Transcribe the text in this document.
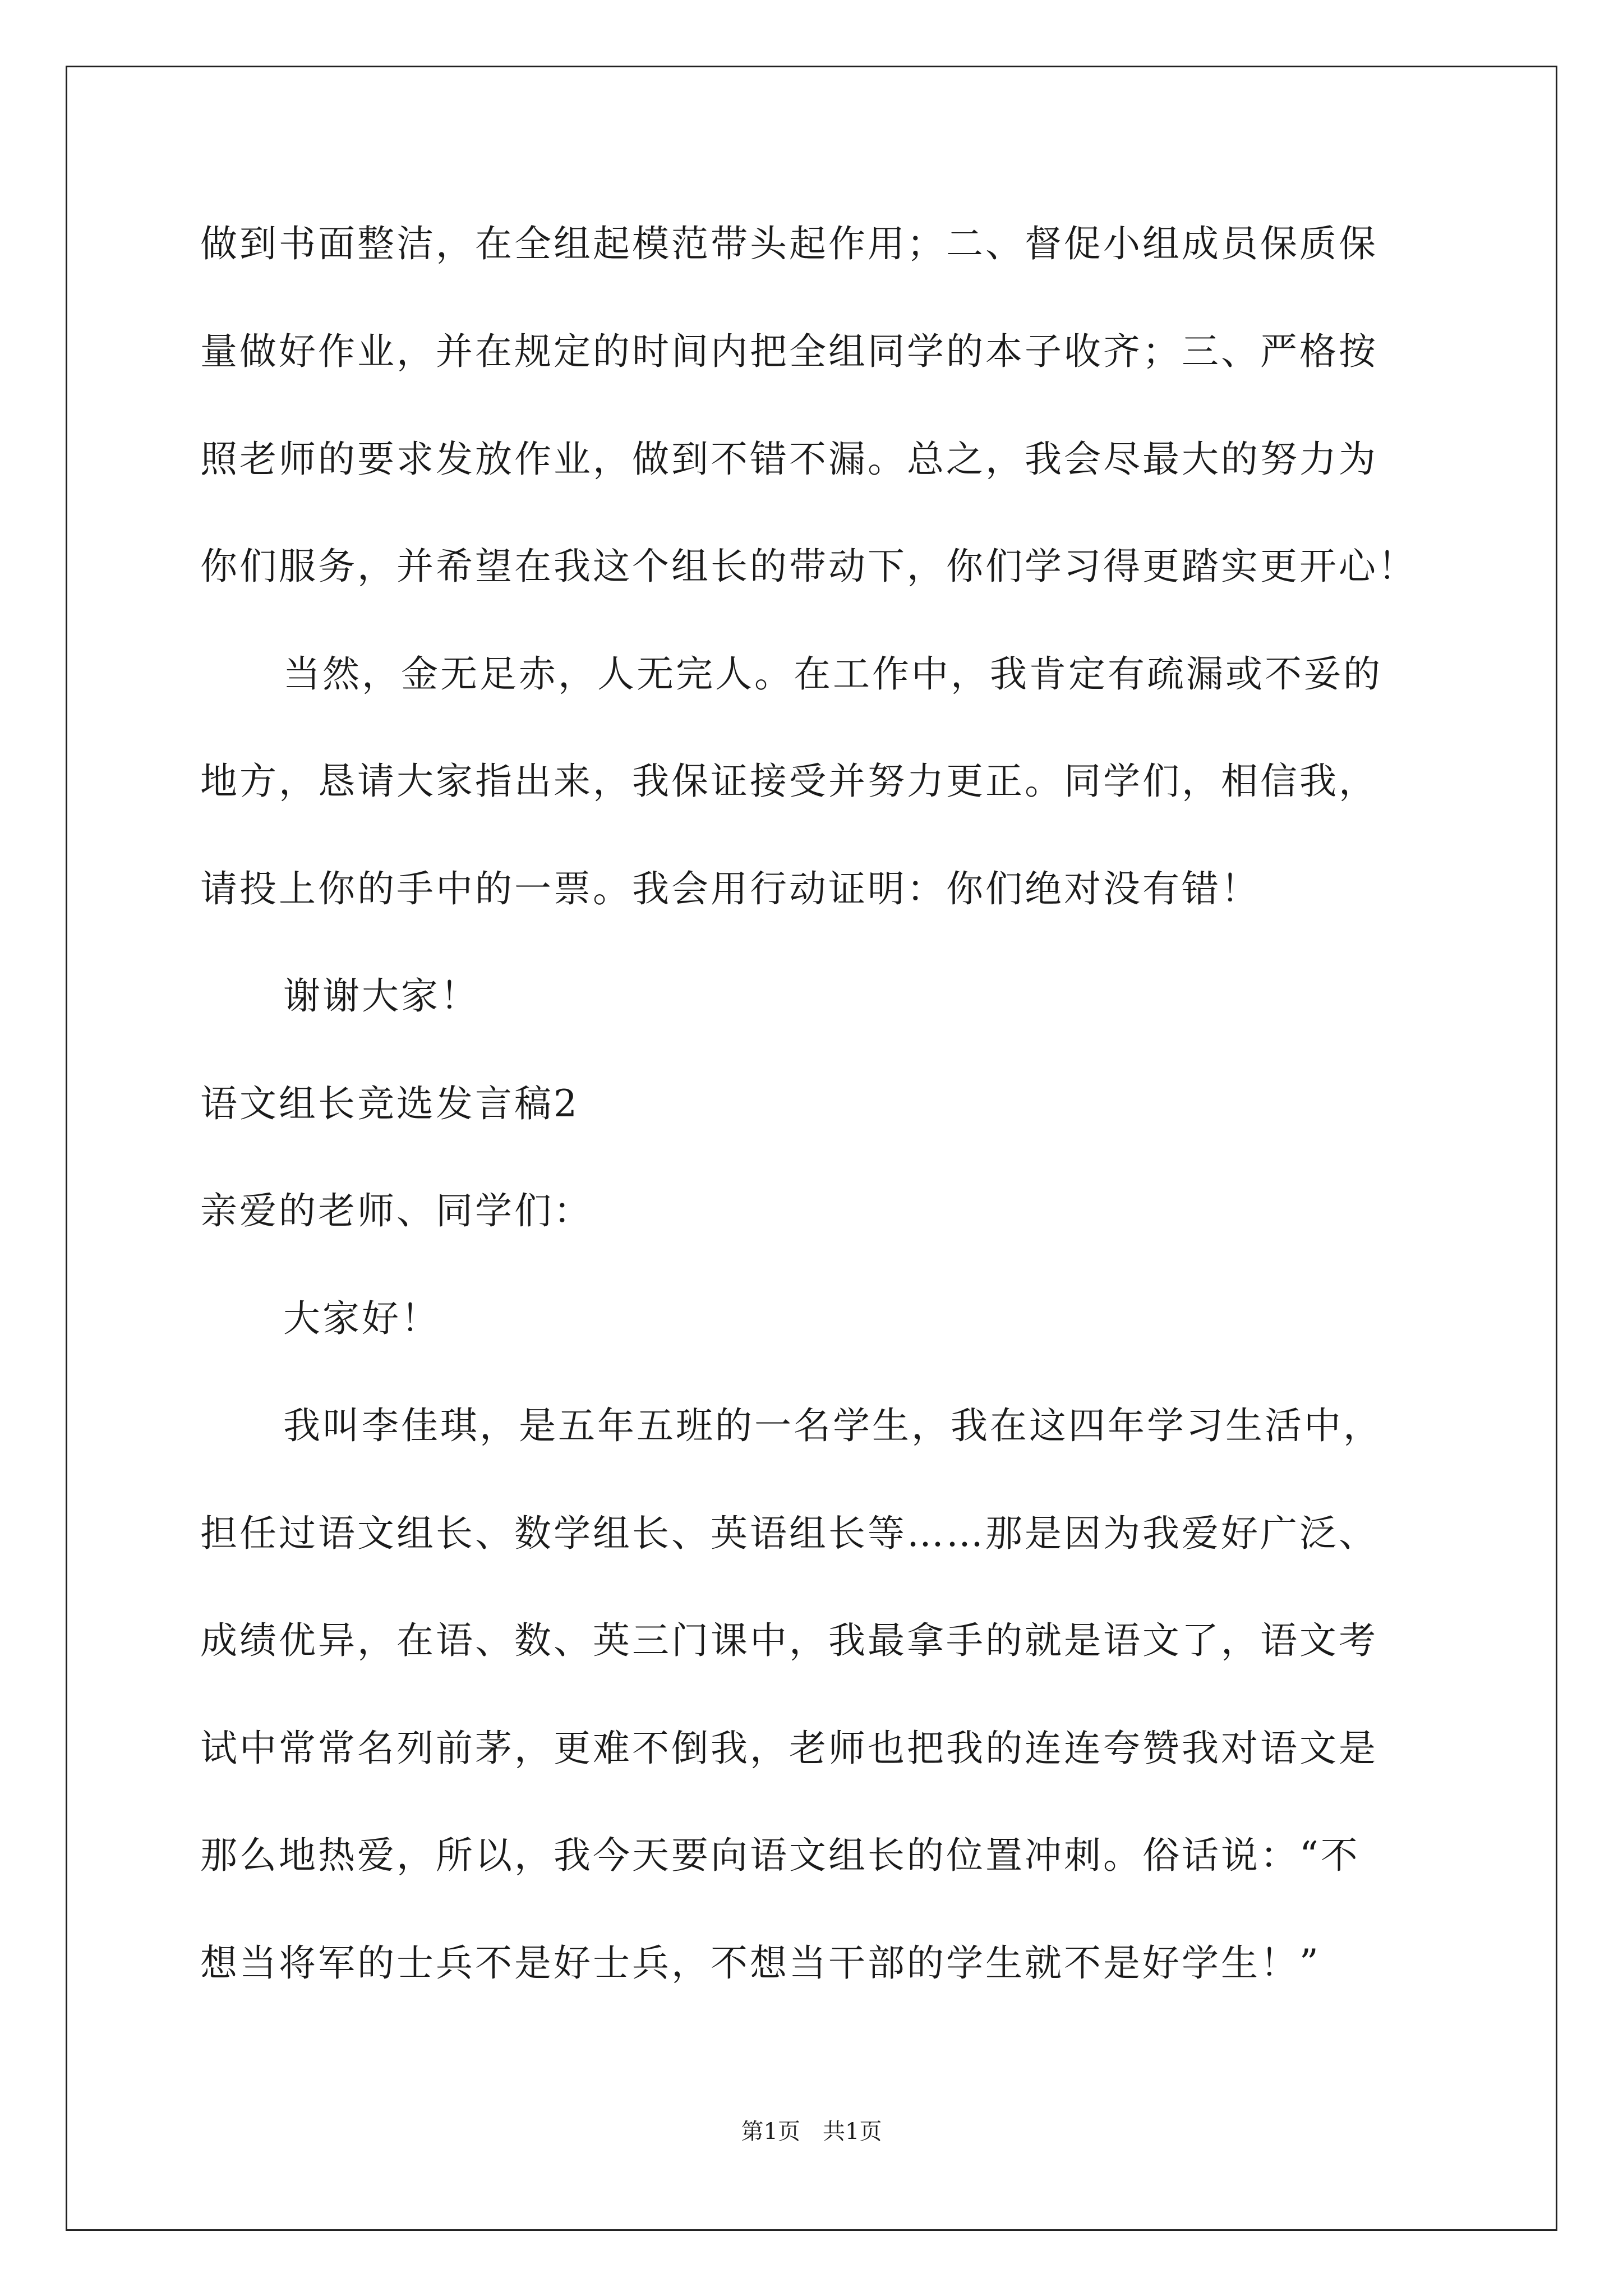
做到书面整洁，在全组起模范带头起作用；二、督促小组成员保质保
量做好作业，并在规定的时间内把全组同学的本子收齐；三、严格按
照老师的要求发放作业，做到不错不漏。总之，我会尽最大的努力为
你们服务，并希望在我这个组长的带动下，你们学习得更踏实更开心！
当然，金无足赤，人无完人。在工作中，我肯定有疏漏或不妥的
地方，恳请大家指出来，我保证接受并努力更正。同学们，相信我，
请投上你的手中的一票。我会用行动证明：你们绝对没有错！
谢谢大家！
语文组长竞选发言稿2
亲爱的老师、同学们：
大家好！
我叫李佳琪，是五年五班的一名学生，我在这四年学习生活中，
担任过语文组长、数学组长、英语组长等……那是因为我爱好广泛、
成绩优异，在语、数、英三门课中，我最拿手的就是语文了，语文考
试中常常名列前茅，更难不倒我，老师也把我的连连夸赞我对语文是
那么地热爱，所以，我今天要向语文组长的位置冲刺。俗话说：“不
想当将军的士兵不是好士兵，不想当干部的学生就不是好学生！”
第1页　共1页
